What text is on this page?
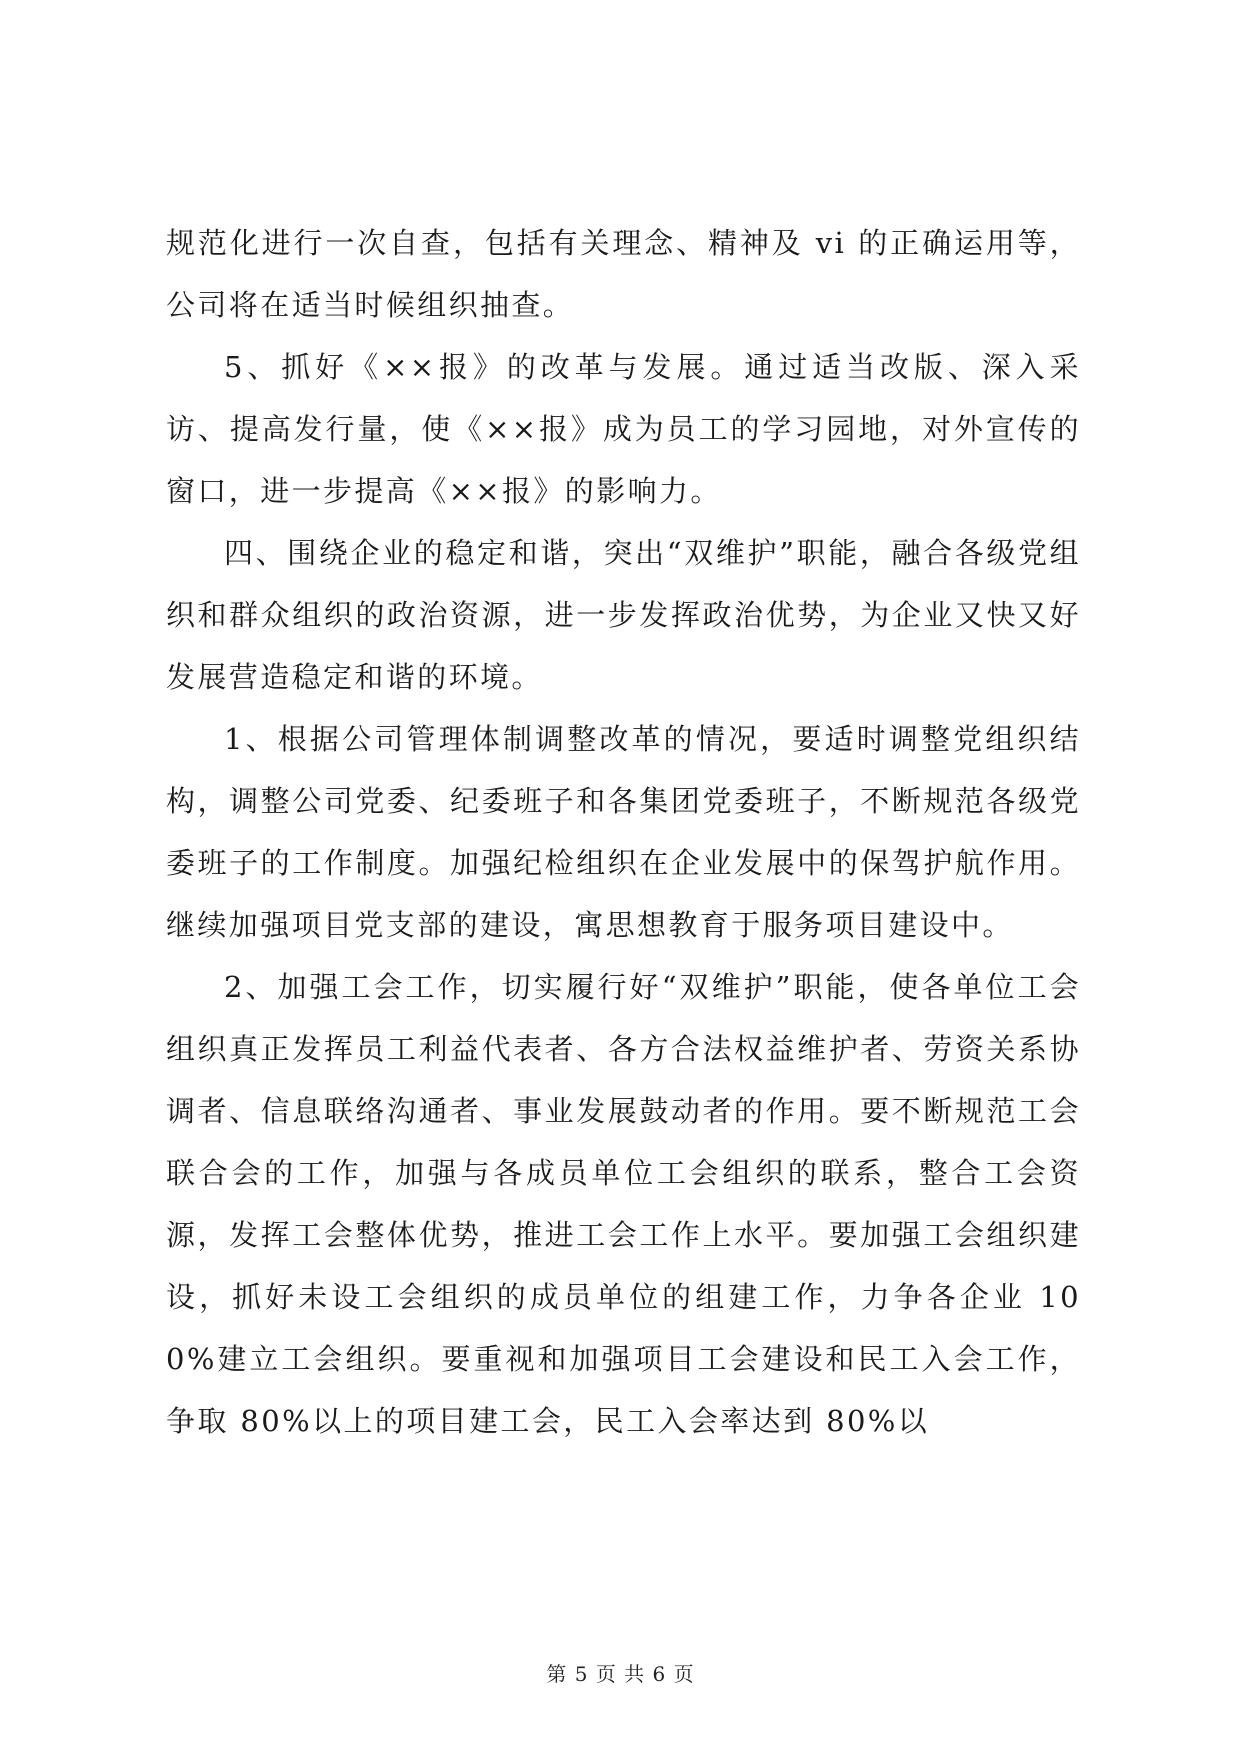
规范化进行一次自查，包括有关理念、精神及 vi 的正确运用等，公司将在适当时候组织抽查。

5、抓好《××报》的改革与发展。通过适当改版、深入采访、提高发行量，使《××报》成为员工的学习园地，对外宣传的窗口，进一步提高《××报》的影响力。

四、围绕企业的稳定和谐，突出“双维护”职能，融合各级党组织和群众组织的政治资源，进一步发挥政治优势，为企业又快又好发展营造稳定和谐的环境。

1、根据公司管理体制调整改革的情况，要适时调整党组织结构，调整公司党委、纪委班子和各集团党委班子，不断规范各级党委班子的工作制度。加强纪检组织在企业发展中的保驾护航作用。继续加强项目党支部的建设，寓思想教育于服务项目建设中。

2、加强工会工作，切实履行好“双维护”职能，使各单位工会组织真正发挥员工利益代表者、各方合法权益维护者、劳资关系协调者、信息联络沟通者、事业发展鼓动者的作用。要不断规范工会联合会的工作，加强与各成员单位工会组织的联系，整合工会资源，发挥工会整体优势，推进工会工作上水平。要加强工会组织建设，抓好未设工会组织的成员单位的组建工作，力争各企业 100%建立工会组织。要重视和加强项目工会建设和民工入会工作，争取 80%以上的项目建工会，民工入会率达到 80%以

第 5 页 共 6 页
